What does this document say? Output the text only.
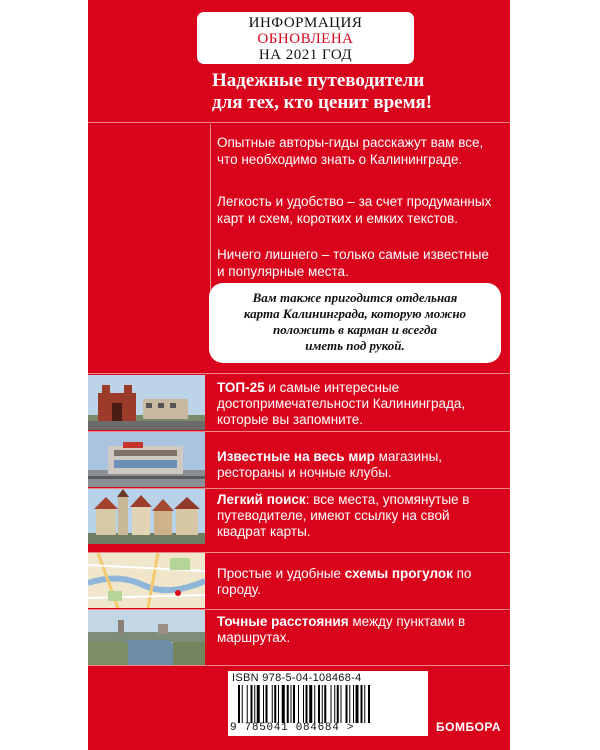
ИНФОРМАЦИЯ
ОБНОВЛЕНА
НА 2021 ГОД
Надежные путеводители
для тех, кто ценит время!
Опытные авторы-гиды расскажут вам все, что необходимо знать о Калининграде.
Легкость и удобство – за счет продуманных карт и схем, коротких и емких текстов.
Ничего лишнего – только самые известные и популярные места.
Вам также пригодится отдельная
карта Калининграда, которую можно
положить в карман и всегда
иметь под рукой.
ТОП-25 и самые интересные достопримечательности Калининграда, которые вы запомните.
Известные на весь мир магазины, рестораны и ночные клубы.
Легкий поиск: все места, упомянутые в путеводителе, имеют ссылку на свой квадрат карты.
Простые и удобные схемы прогулок по городу.
Точные расстояния между пунктами в маршрутах.
ISBN 978-5-04-108468-4
9 785041 084684 >	БОМБОРА
